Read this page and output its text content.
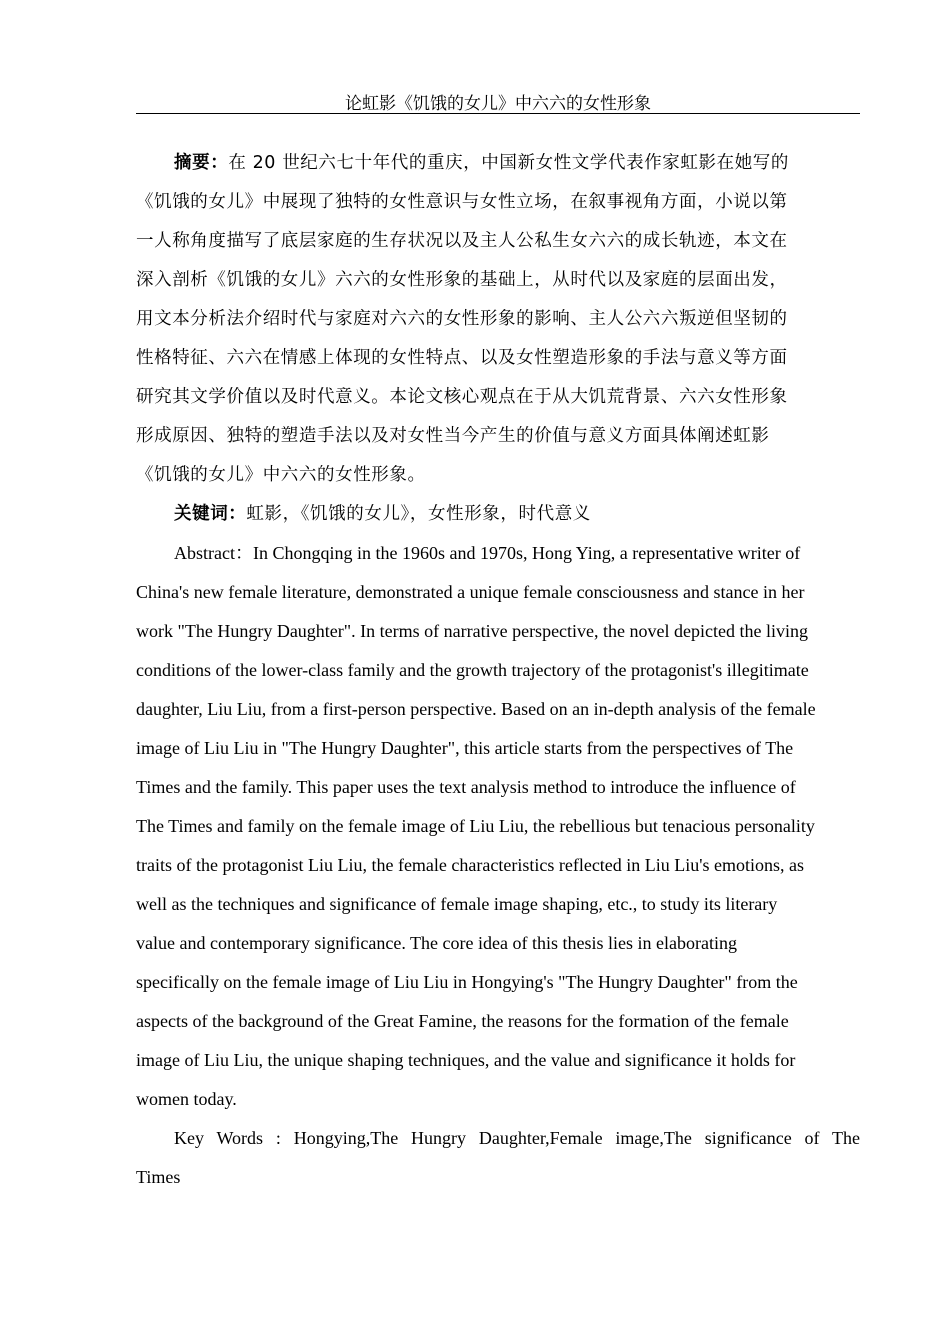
论虹影《饥饿的女儿》中六六的女性形象
摘要：在 20 世纪六七十年代的重庆，中国新女性文学代表作家虹影在她写的
《饥饿的女儿》中展现了独特的女性意识与女性立场，在叙事视角方面，小说以第
一人称角度描写了底层家庭的生存状况以及主人公私生女六六的成长轨迹，本文在
深入剖析《饥饿的女儿》六六的女性形象的基础上，从时代以及家庭的层面出发，
用文本分析法介绍时代与家庭对六六的女性形象的影响、主人公六六叛逆但坚韧的
性格特征、六六在情感上体现的女性特点、以及女性塑造形象的手法与意义等方面
研究其文学价值以及时代意义。本论文核心观点在于从大饥荒背景、六六女性形象
形成原因、独特的塑造手法以及对女性当今产生的价值与意义方面具体阐述虹影
《饥饿的女儿》中六六的女性形象。
关键词：虹影，《饥饿的女儿》，女性形象，时代意义
Abstract：In Chongqing in the 1960s and 1970s, Hong Ying, a representative writer of
China's new female literature, demonstrated a unique female consciousness and stance in her
work "The Hungry Daughter". In terms of narrative perspective, the novel depicted the living
conditions of the lower-class family and the growth trajectory of the protagonist's illegitimate
daughter, Liu Liu, from a first-person perspective. Based on an in-depth analysis of the female
image of Liu Liu in "The Hungry Daughter", this article starts from the perspectives of The
Times and the family. This paper uses the text analysis method to introduce the influence of
The Times and family on the female image of Liu Liu, the rebellious but tenacious personality
traits of the protagonist Liu Liu, the female characteristics reflected in Liu Liu's emotions, as
well as the techniques and significance of female image shaping, etc., to study its literary
value and contemporary significance. The core idea of this thesis lies in elaborating
specifically on the female image of Liu Liu in Hongying's "The Hungry Daughter" from the
aspects of the background of the Great Famine, the reasons for the formation of the female
image of Liu Liu, the unique shaping techniques, and the value and significance it holds for
women today.
Key Words : Hongying,The Hungry Daughter,Female image,The significance of The
Times
